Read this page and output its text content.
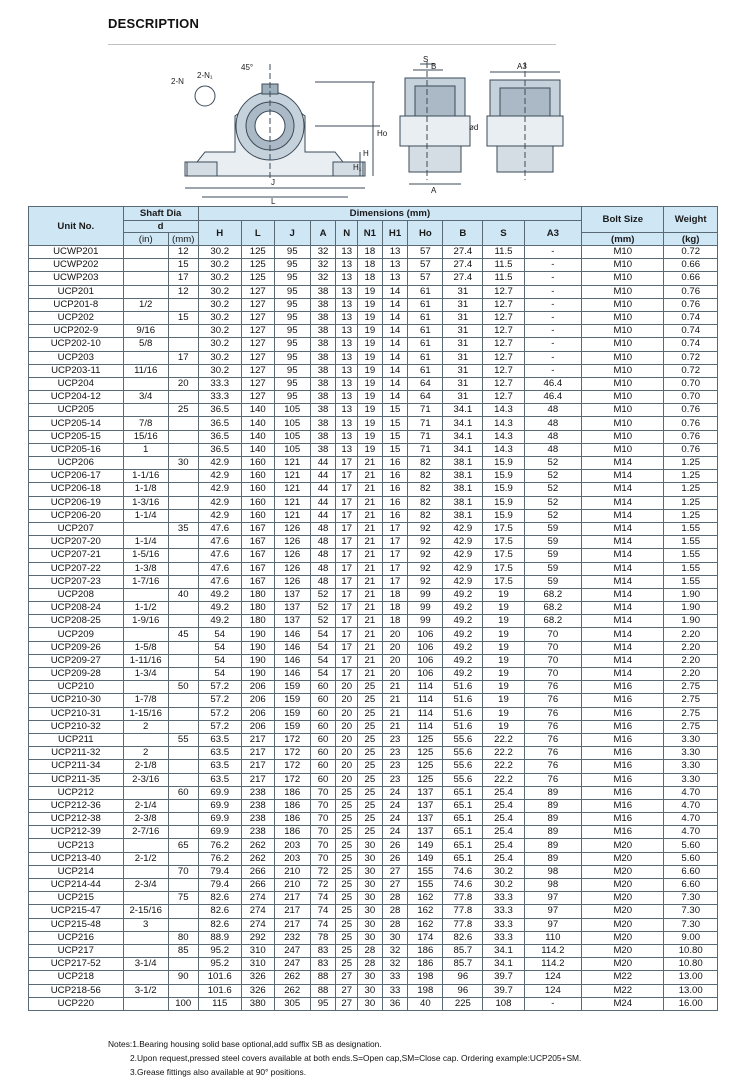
DESCRIPTION
2-N
2-N₁
45°
J
L
Ho
H
H₁
S
B
A
ød
A3
Unit No.	Shaft Dia		Dimensions (mm)											Bolt Size	Weight
	d		H	L	J	A	N	N1	H1	Ho	B	S	A3		
	(in)	(mm)												(mm)	(kg)
UCWP201		12	30.2	125	95	32	13	18	13	57	27.4	11.5	-	M10	0.72
UCWP202		15	30.2	125	95	32	13	18	13	57	27.4	11.5	-	M10	0.66
UCWP203		17	30.2	125	95	32	13	18	13	57	27.4	11.5	-	M10	0.66
UCP201		12	30.2	127	95	38	13	19	14	61	31	12.7	-	M10	0.76
UCP201-8	1/2		30.2	127	95	38	13	19	14	61	31	12.7	-	M10	0.76
UCP202		15	30.2	127	95	38	13	19	14	61	31	12.7	-	M10	0.74
UCP202-9	9/16		30.2	127	95	38	13	19	14	61	31	12.7	-	M10	0.74
UCP202-10	5/8		30.2	127	95	38	13	19	14	61	31	12.7	-	M10	0.74
UCP203		17	30.2	127	95	38	13	19	14	61	31	12.7	-	M10	0.72
UCP203-11	11/16		30.2	127	95	38	13	19	14	61	31	12.7	-	M10	0.72
UCP204		20	33.3	127	95	38	13	19	14	64	31	12.7	46.4	M10	0.70
UCP204-12	3/4		33.3	127	95	38	13	19	14	64	31	12.7	46.4	M10	0.70
UCP205		25	36.5	140	105	38	13	19	15	71	34.1	14.3	48	M10	0.76
UCP205-14	7/8		36.5	140	105	38	13	19	15	71	34.1	14.3	48	M10	0.76
UCP205-15	15/16		36.5	140	105	38	13	19	15	71	34.1	14.3	48	M10	0.76
UCP205-16	1		36.5	140	105	38	13	19	15	71	34.1	14.3	48	M10	0.76
UCP206		30	42.9	160	121	44	17	21	16	82	38.1	15.9	52	M14	1.25
UCP206-17	1-1/16		42.9	160	121	44	17	21	16	82	38.1	15.9	52	M14	1.25
UCP206-18	1-1/8		42.9	160	121	44	17	21	16	82	38.1	15.9	52	M14	1.25
UCP206-19	1-3/16		42.9	160	121	44	17	21	16	82	38.1	15.9	52	M14	1.25
UCP206-20	1-1/4		42.9	160	121	44	17	21	16	82	38.1	15.9	52	M14	1.25
UCP207		35	47.6	167	126	48	17	21	17	92	42.9	17.5	59	M14	1.55
UCP207-20	1-1/4		47.6	167	126	48	17	21	17	92	42.9	17.5	59	M14	1.55
UCP207-21	1-5/16		47.6	167	126	48	17	21	17	92	42.9	17.5	59	M14	1.55
UCP207-22	1-3/8		47.6	167	126	48	17	21	17	92	42.9	17.5	59	M14	1.55
UCP207-23	1-7/16		47.6	167	126	48	17	21	17	92	42.9	17.5	59	M14	1.55
UCP208		40	49.2	180	137	52	17	21	18	99	49.2	19	68.2	M14	1.90
UCP208-24	1-1/2		49.2	180	137	52	17	21	18	99	49.2	19	68.2	M14	1.90
UCP208-25	1-9/16		49.2	180	137	52	17	21	18	99	49.2	19	68.2	M14	1.90
UCP209		45	54	190	146	54	17	21	20	106	49.2	19	70	M14	2.20
UCP209-26	1-5/8		54	190	146	54	17	21	20	106	49.2	19	70	M14	2.20
UCP209-27	1-11/16		54	190	146	54	17	21	20	106	49.2	19	70	M14	2.20
UCP209-28	1-3/4		54	190	146	54	17	21	20	106	49.2	19	70	M14	2.20
UCP210		50	57.2	206	159	60	20	25	21	114	51.6	19	76	M16	2.75
UCP210-30	1-7/8		57.2	206	159	60	20	25	21	114	51.6	19	76	M16	2.75
UCP210-31	1-15/16		57.2	206	159	60	20	25	21	114	51.6	19	76	M16	2.75
UCP210-32	2		57.2	206	159	60	20	25	21	114	51.6	19	76	M16	2.75
UCP211		55	63.5	217	172	60	20	25	23	125	55.6	22.2	76	M16	3.30
UCP211-32	2		63.5	217	172	60	20	25	23	125	55.6	22.2	76	M16	3.30
UCP211-34	2-1/8		63.5	217	172	60	20	25	23	125	55.6	22.2	76	M16	3.30
UCP211-35	2-3/16		63.5	217	172	60	20	25	23	125	55.6	22.2	76	M16	3.30
UCP212		60	69.9	238	186	70	25	25	24	137	65.1	25.4	89	M16	4.70
UCP212-36	2-1/4		69.9	238	186	70	25	25	24	137	65.1	25.4	89	M16	4.70
UCP212-38	2-3/8		69.9	238	186	70	25	25	24	137	65.1	25.4	89	M16	4.70
UCP212-39	2-7/16		69.9	238	186	70	25	25	24	137	65.1	25.4	89	M16	4.70
UCP213		65	76.2	262	203	70	25	30	26	149	65.1	25.4	89	M20	5.60
UCP213-40	2-1/2		76.2	262	203	70	25	30	26	149	65.1	25.4	89	M20	5.60
UCP214		70	79.4	266	210	72	25	30	27	155	74.6	30.2	98	M20	6.60
UCP214-44	2-3/4		79.4	266	210	72	25	30	27	155	74.6	30.2	98	M20	6.60
UCP215		75	82.6	274	217	74	25	30	28	162	77.8	33.3	97	M20	7.30
UCP215-47	2-15/16		82.6	274	217	74	25	30	28	162	77.8	33.3	97	M20	7.30
UCP215-48	3		82.6	274	217	74	25	30	28	162	77.8	33.3	97	M20	7.30
UCP216		80	88.9	292	232	78	25	30	30	174	82.6	33.3	110	M20	9.00
UCP217		85	95.2	310	247	83	25	28	32	186	85.7	34.1	114.2	M20	10.80
UCP217-52	3-1/4		95.2	310	247	83	25	28	32	186	85.7	34.1	114.2	M20	10.80
UCP218		90	101.6	326	262	88	27	30	33	198	96	39.7	124	M22	13.00
UCP218-56	3-1/2		101.6	326	262	88	27	30	33	198	96	39.7	124	M22	13.00
UCP220		100	115	380	305	95	27	30	36	40	225	108	-	M24	16.00
Notes:1.Bearing housing solid base optional,add suffix SB as designation.
2.Upon request,pressed steel covers available at both ends.S=Open cap,SM=Close cap. Ordering example:UCP205+SM.
3.Grease fittings also available at 90° positions.
